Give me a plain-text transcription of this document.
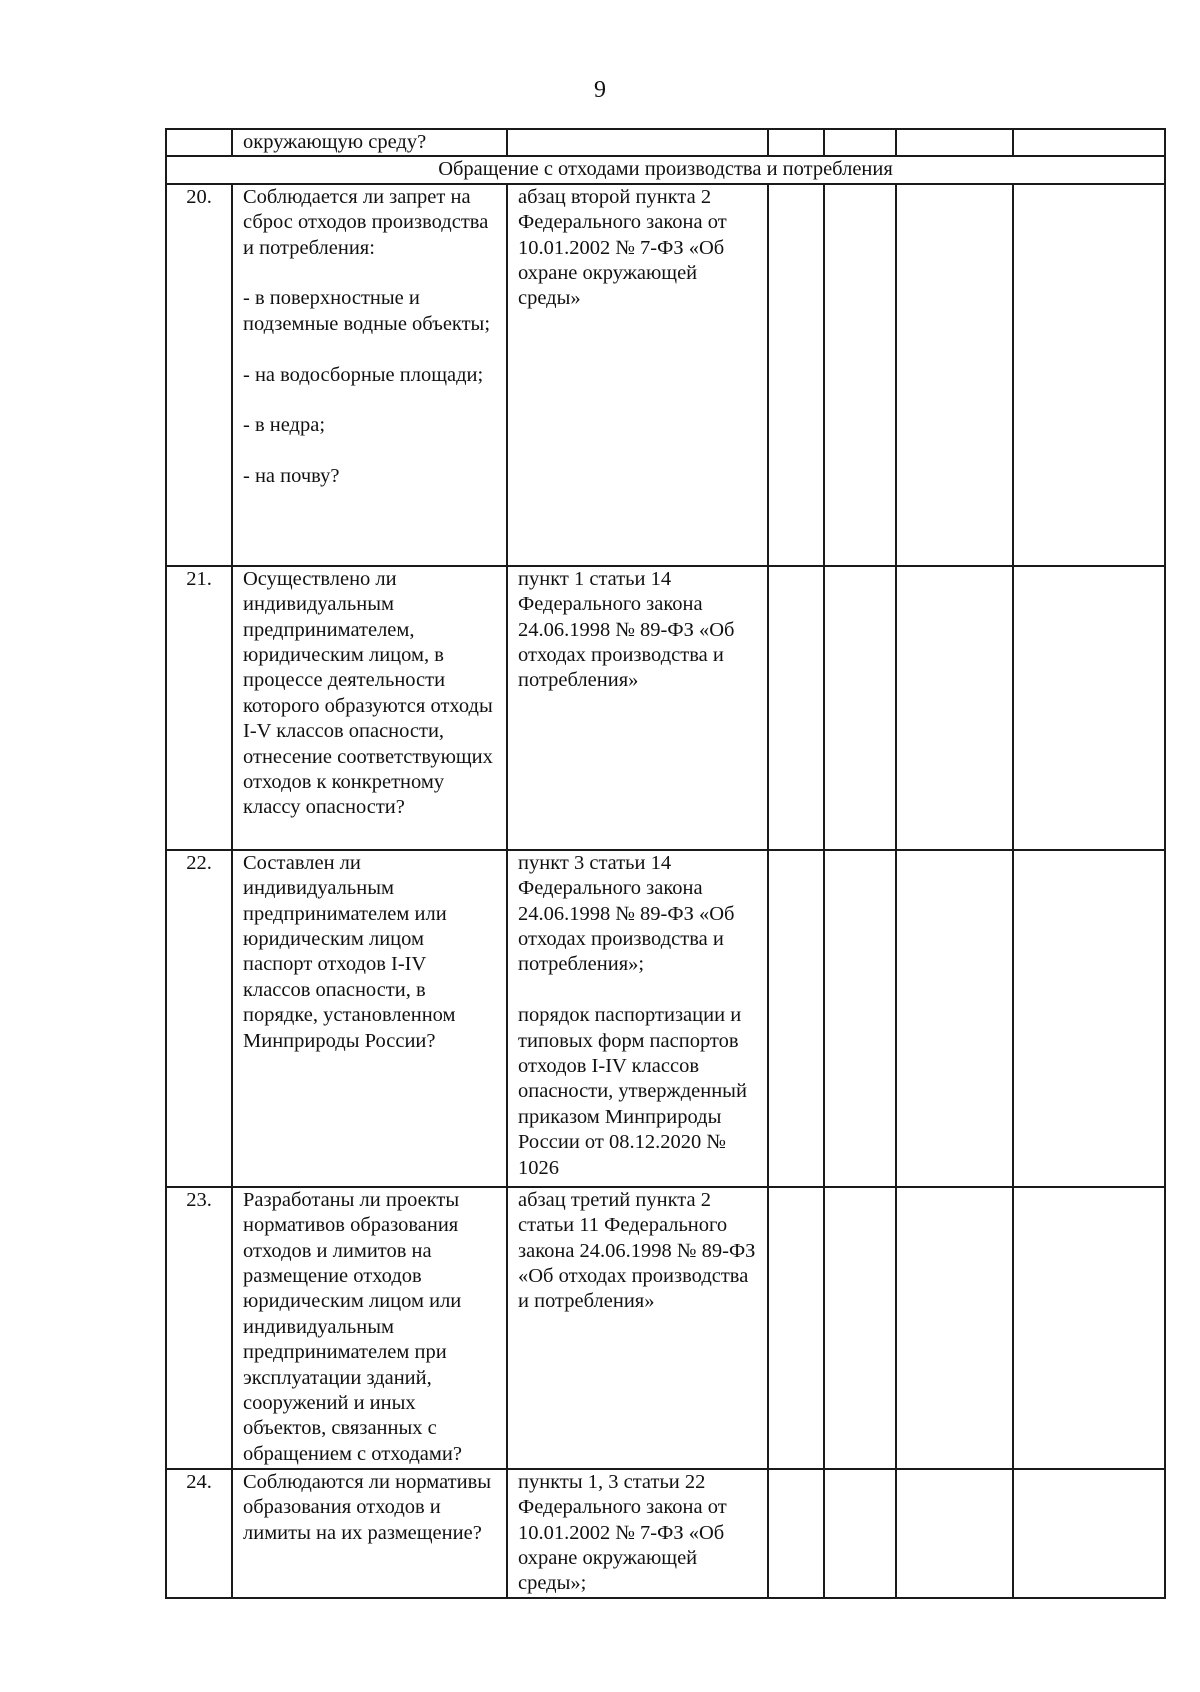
9

	окружающую среду?					

Обращение с отходами производства и потребления						
20.	Соблюдается ли запрет на сброс отходов производства и потребления:
- в поверхностные и подземные водные объекты;
- на водосборные площади;
- в недра;
- на почву?	абзац второй пункта 2 Федерального закона от 10.01.2002 № 7-ФЗ «Об охране окружающей среды»				

21.	Осуществлено ли индивидуальным предпринимателем, юридическим лицом, в процессе деятельности которого образуются отходы I-V классов опасности, отнесение соответствующих отходов к конкретному классу опасности?	пункт 1 статьи 14 Федерального закона 24.06.1998 № 89-ФЗ «Об отходах производства и потребления»				

22.	Составлен ли индивидуальным предпринимателем или юридическим лицом паспорт отходов I-IV классов опасности, в порядке, установленном Минприроды России?	пункт 3 статьи 14 Федерального закона 24.06.1998 № 89-ФЗ «Об отходах производства и потребления»;
порядок паспортизации и типовых форм паспортов отходов I-IV классов опасности, утвержденный приказом Минприроды России от 08.12.2020 № 1026				

23.	Разработаны ли проекты нормативов образования отходов и лимитов на размещение отходов юридическим лицом или индивидуальным предпринимателем при эксплуатации зданий, сооружений и иных объектов, связанных с обращением с отходами?	абзац третий пункта 2 статьи 11 Федерального закона 24.06.1998 № 89-ФЗ «Об отходах производства и потребления»				

24.	Соблюдаются ли нормативы образования отходов и лимиты на их размещение?	пункты 1, 3 статьи 22 Федерального закона от 10.01.2002 № 7-ФЗ «Об охране окружающей среды»;				
